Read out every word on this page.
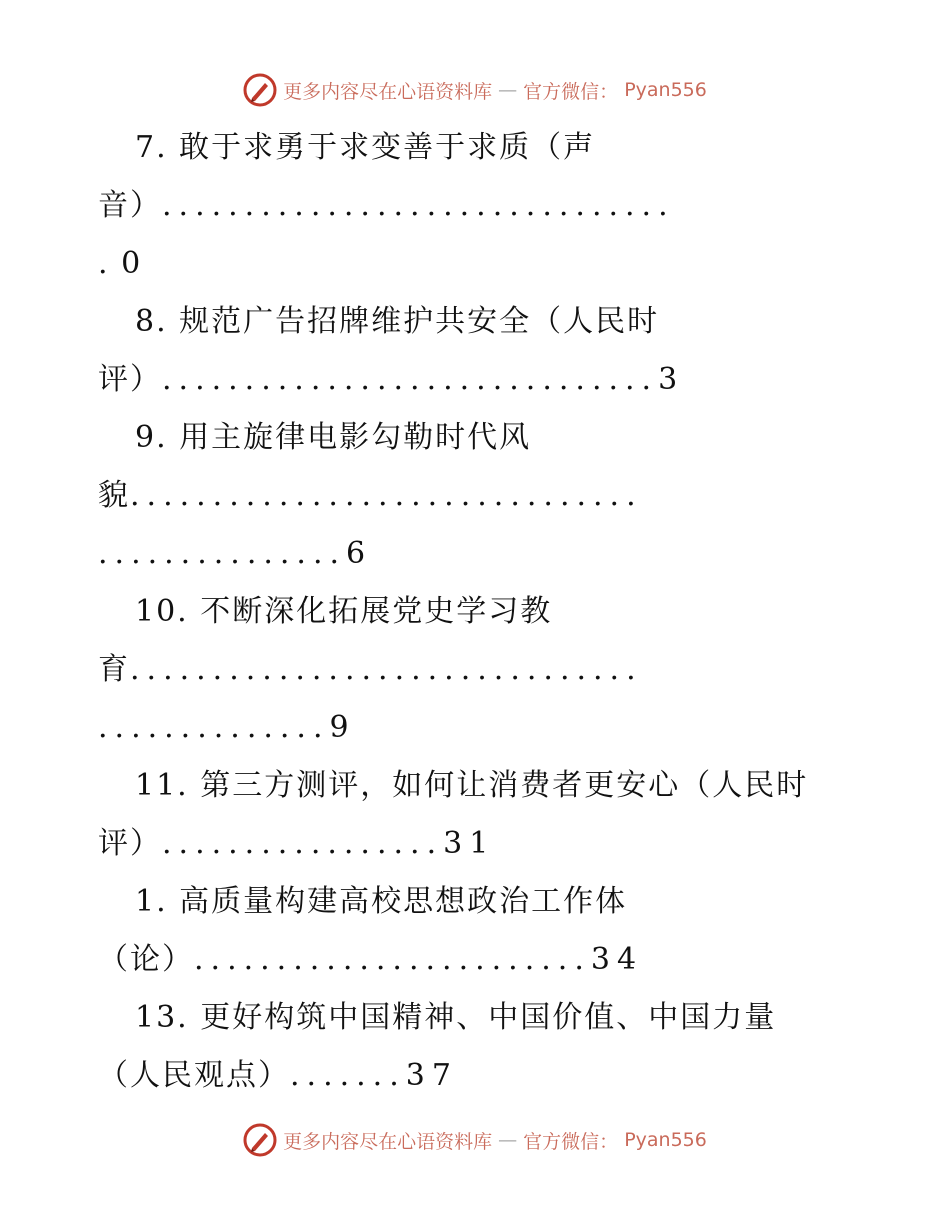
更多内容尽在心语资料库 — 官方微信： Pyan556
7. 敢于求勇于求变善于求质（声
音）...............................
. 0
8. 规范广告招牌维护共安全（人民时
评）..............................3
9. 用主旋律电影勾勒时代风
貌...............................
...............6
10. 不断深化拓展党史学习教
育...............................
..............9
11. 第三方测评，如何让消费者更安心（人民时
评）.................31
1. 高质量构建高校思想政治工作体
（论）........................34
13. 更好构筑中国精神、中国价值、中国力量
（人民观点）.......37
更多内容尽在心语资料库 — 官方微信： Pyan556
